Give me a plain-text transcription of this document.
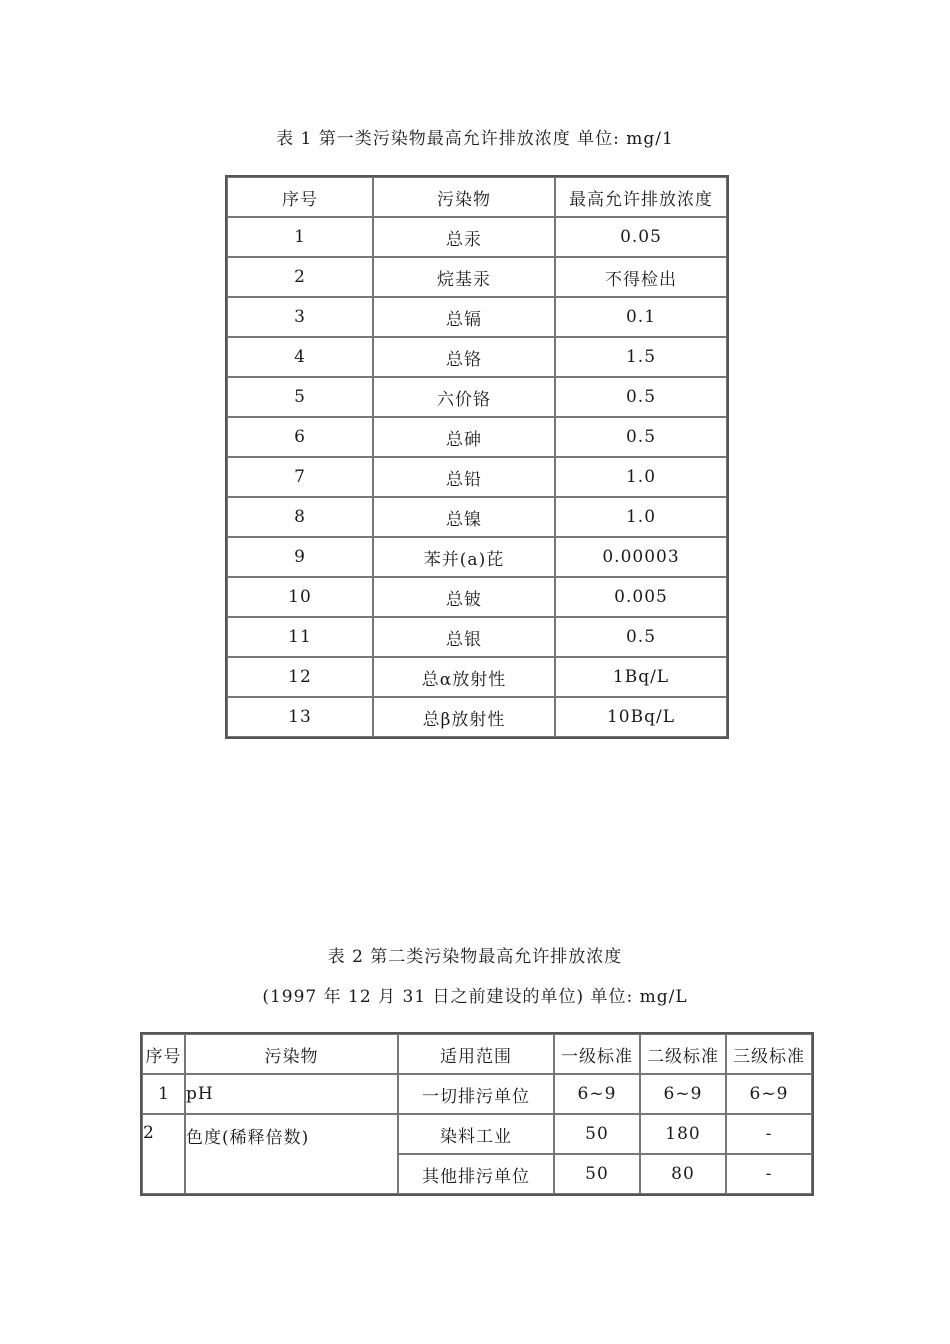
表 1 第一类污染物最高允许排放浓度 单位: mg/1
序号	污染物	最高允许排放浓度
1	总汞	0.05
2	烷基汞	不得检出
3	总镉	0.1
4	总铬	1.5
5	六价铬	0.5
6	总砷	0.5
7	总铅	1.0
8	总镍	1.0
9	苯并(a)芘	0.00003
10	总铍	0.005
11	总银	0.5
12	总α放射性	1Bq/L
13	总β放射性	10Bq/L
表 2 第二类污染物最高允许排放浓度
(1997 年 12 月 31 日之前建设的单位) 单位: mg/L
序号	污染物	适用范围	一级标准	二级标准	三级标准
1	pH	一切排污单位	6~9	6~9	6~9
2	色度(稀释倍数)	染料工业	50	180	-
		其他排污单位	50	80	-
